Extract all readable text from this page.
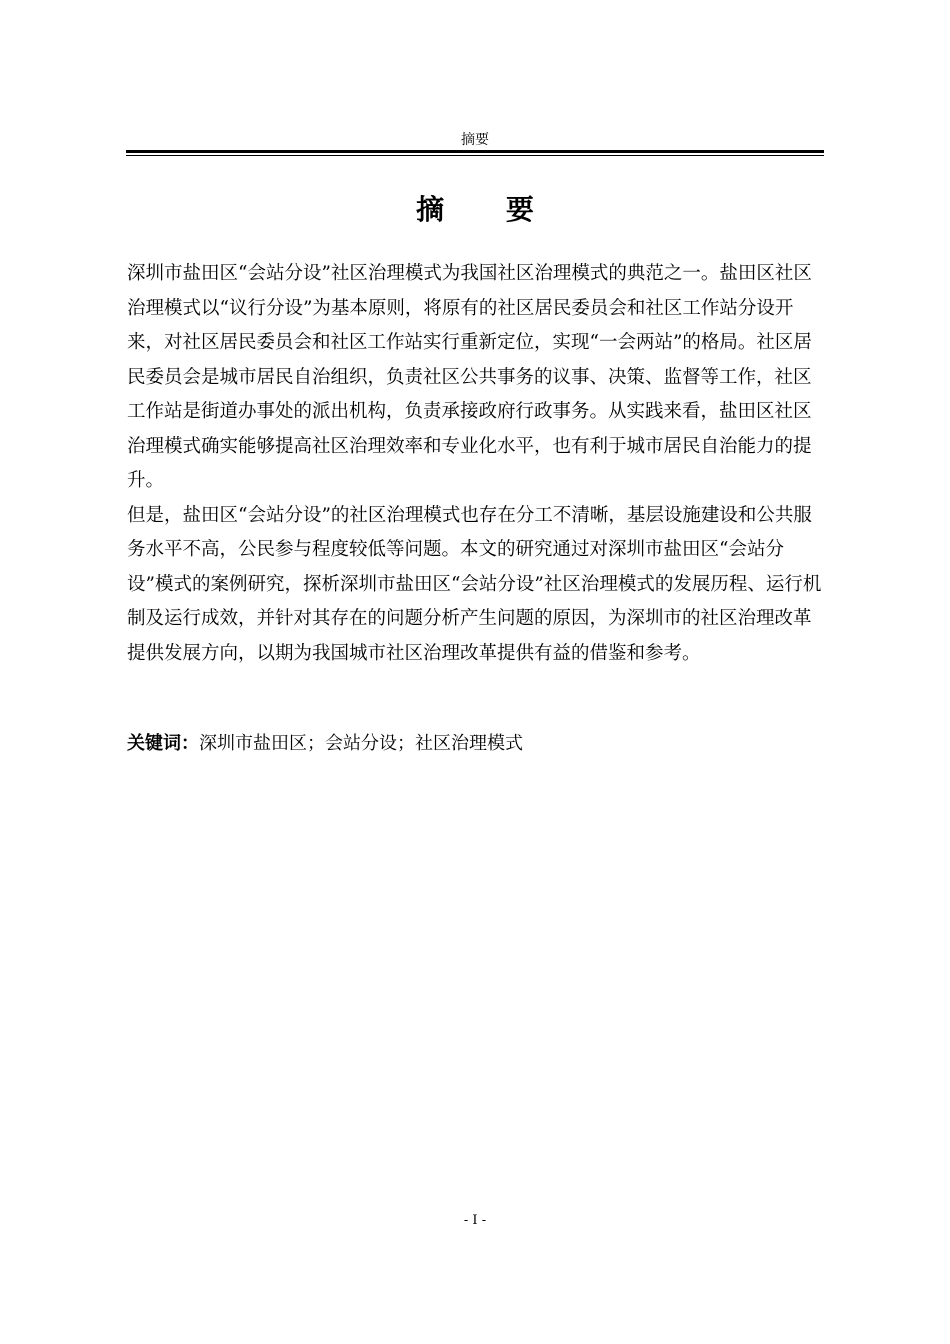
摘要
摘 要

深圳市盐田区“会站分设”社区治理模式为我国社区治理模式的典范之一。盐田区社区治理模式以“议行分设”为基本原则，将原有的社区居民委员会和社区工作站分设开来，对社区居民委员会和社区工作站实行重新定位，实现“一会两站”的格局。社区居民委员会是城市居民自治组织，负责社区公共事务的议事、决策、监督等工作，社区工作站是街道办事处的派出机构，负责承接政府行政事务。从实践来看，盐田区社区治理模式确实能够提高社区治理效率和专业化水平，也有利于城市居民自治能力的提升。

但是，盐田区“会站分设”的社区治理模式也存在分工不清晰，基层设施建设和公共服务水平不高，公民参与程度较低等问题。本文的研究通过对深圳市盐田区“会站分设”模式的案例研究，探析深圳市盐田区“会站分设”社区治理模式的发展历程、运行机制及运行成效，并针对其存在的问题分析产生问题的原因，为深圳市的社区治理改革提供发展方向，以期为我国城市社区治理改革提供有益的借鉴和参考。

关键词：深圳市盐田区；会站分设；社区治理模式
- I -
